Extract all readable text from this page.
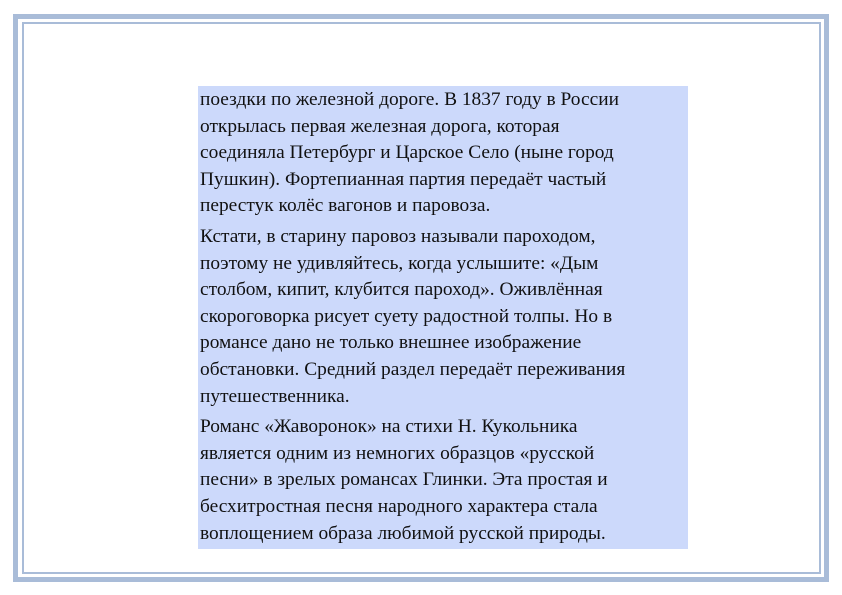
поездки по железной дороге. В 1837 году в России
открылась первая железная дорога, которая
соединяла Петербург и Царское Село (ныне город
Пушкин). Фортепианная партия передаёт частый
перестук колёс вагонов и паровоза.

Кстати, в старину паровоз называли пароходом,
поэтому не удивляйтесь, когда услышите: «Дым
столбом, кипит, клубится пароход». Оживлённая
скороговорка рисует суету радостной толпы. Но в
романсе дано не только внешнее изображение
обстановки. Средний раздел передаёт переживания
путешественника.

Романс «Жаворонок» на стихи Н. Кукольника
является одним из немногих образцов «русской
песни» в зрелых романсах Глинки. Эта простая и
бесхитростная песня народного характера стала
воплощением образа любимой русской природы.
